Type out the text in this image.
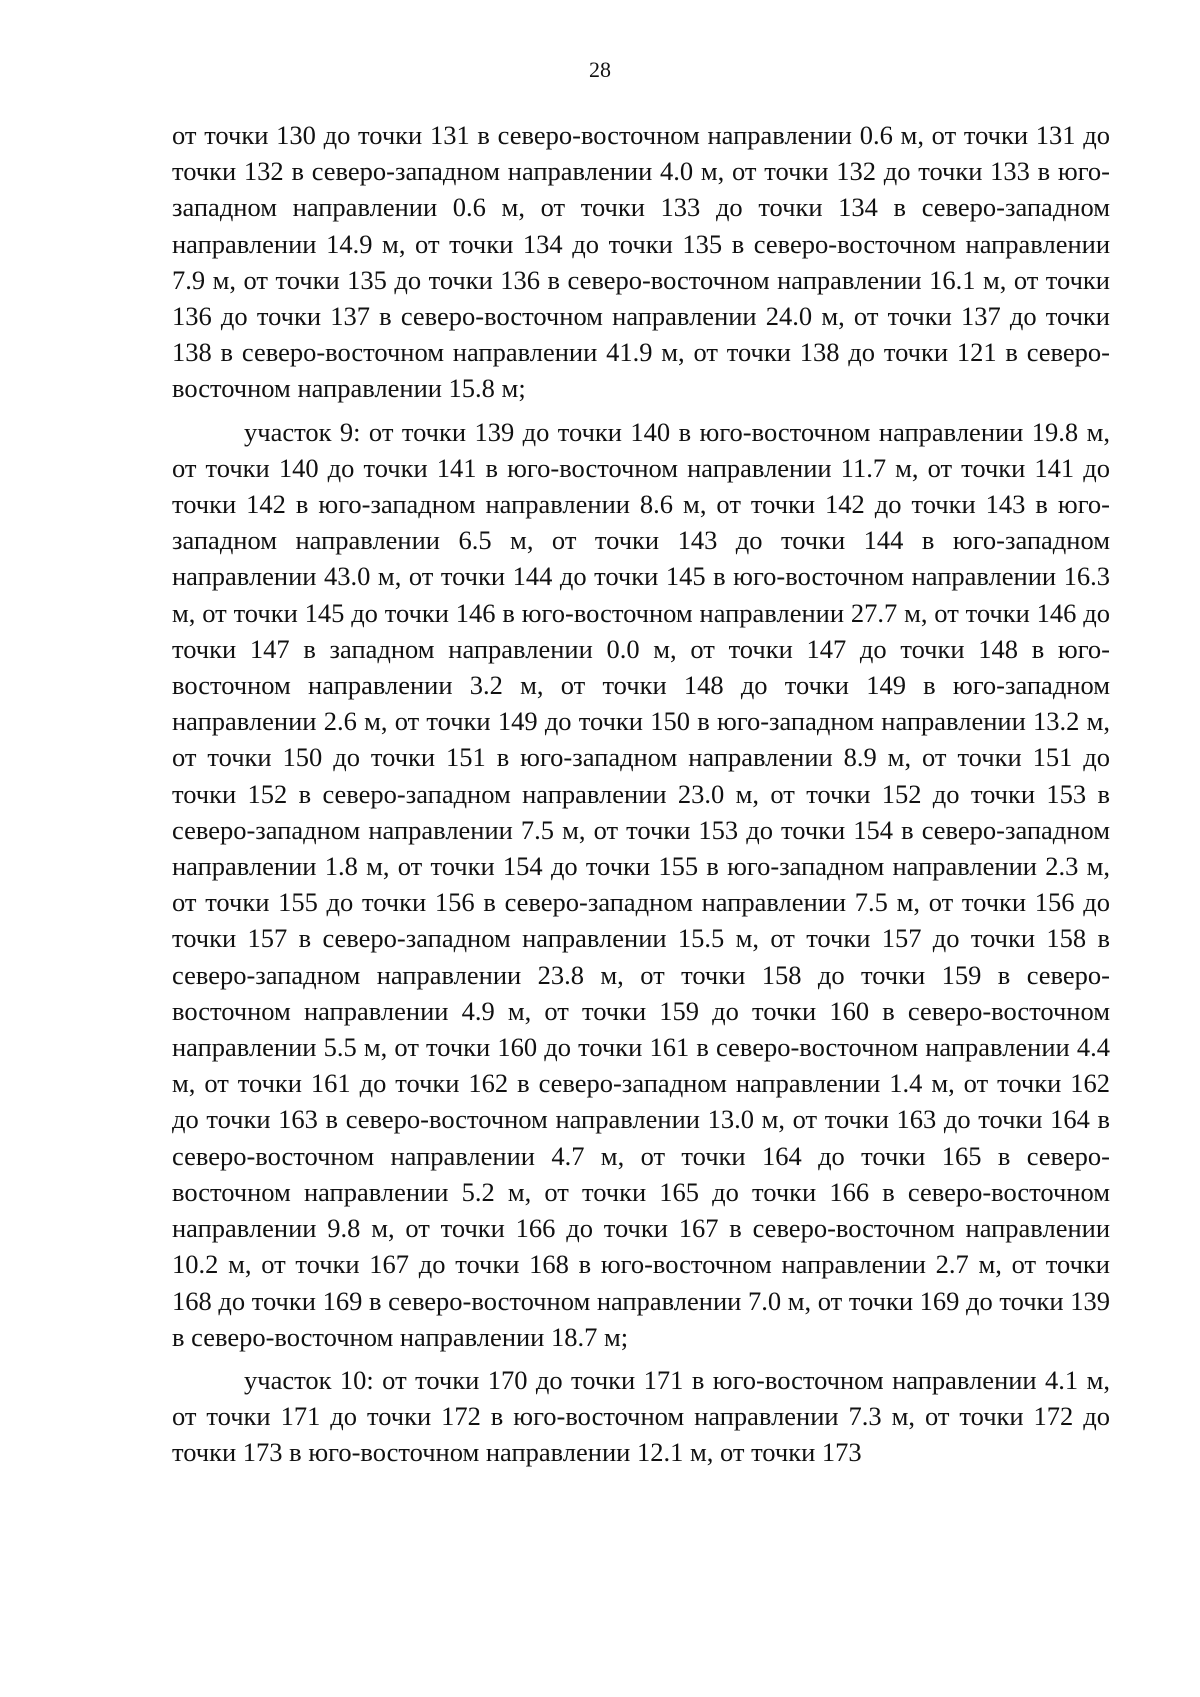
28

от точки 130 до точки 131 в северо-восточном направлении 0.6 м, от точки 131 до точки 132 в северо-западном направлении 4.0 м, от точки 132 до точки 133 в юго-западном направлении 0.6 м, от точки 133 до точки 134 в северо-западном направлении 14.9 м, от точки 134 до точки 135 в северо-восточном направлении 7.9 м, от точки 135 до точки 136 в северо-восточном направлении 16.1 м, от точки 136 до точки 137 в северо-восточном направлении 24.0 м, от точки 137 до точки 138 в северо-восточном направлении 41.9 м, от точки 138 до точки 121 в северо-восточном направлении 15.8 м;

участок 9: от точки 139 до точки 140 в юго-восточном направлении 19.8 м, от точки 140 до точки 141 в юго-восточном направлении 11.7 м, от точки 141 до точки 142 в юго-западном направлении 8.6 м, от точки 142 до точки 143 в юго-западном направлении 6.5 м, от точки 143 до точки 144 в юго-западном направлении 43.0 м, от точки 144 до точки 145 в юго-восточном направлении 16.3 м, от точки 145 до точки 146 в юго-восточном направлении 27.7 м, от точки 146 до точки 147 в западном направлении 0.0 м, от точки 147 до точки 148 в юго-восточном направлении 3.2 м, от точки 148 до точки 149 в юго-западном направлении 2.6 м, от точки 149 до точки 150 в юго-западном направлении 13.2 м, от точки 150 до точки 151 в юго-западном направлении 8.9 м, от точки 151 до точки 152 в северо-западном направлении 23.0 м, от точки 152 до точки 153 в северо-западном направлении 7.5 м, от точки 153 до точки 154 в северо-западном направлении 1.8 м, от точки 154 до точки 155 в юго-западном направлении 2.3 м, от точки 155 до точки 156 в северо-западном направлении 7.5 м, от точки 156 до точки 157 в северо-западном направлении 15.5 м, от точки 157 до точки 158 в северо-западном направлении 23.8 м, от точки 158 до точки 159 в северо-восточном направлении 4.9 м, от точки 159 до точки 160 в северо-восточном направлении 5.5 м, от точки 160 до точки 161 в северо-восточном направлении 4.4 м, от точки 161 до точки 162 в северо-западном направлении 1.4 м, от точки 162 до точки 163 в северо-восточном направлении 13.0 м, от точки 163 до точки 164 в северо-восточном направлении 4.7 м, от точки 164 до точки 165 в северо-восточном направлении 5.2 м, от точки 165 до точки 166 в северо-восточном направлении 9.8 м, от точки 166 до точки 167 в северо-восточном направлении 10.2 м, от точки 167 до точки 168 в юго-восточном направлении 2.7 м, от точки 168 до точки 169 в северо-восточном направлении 7.0 м, от точки 169 до точки 139 в северо-восточном направлении 18.7 м;

участок 10: от точки 170 до точки 171 в юго-восточном направлении 4.1 м, от точки 171 до точки 172 в юго-восточном направлении 7.3 м, от точки 172 до точки 173 в юго-восточном направлении 12.1 м, от точки 173
